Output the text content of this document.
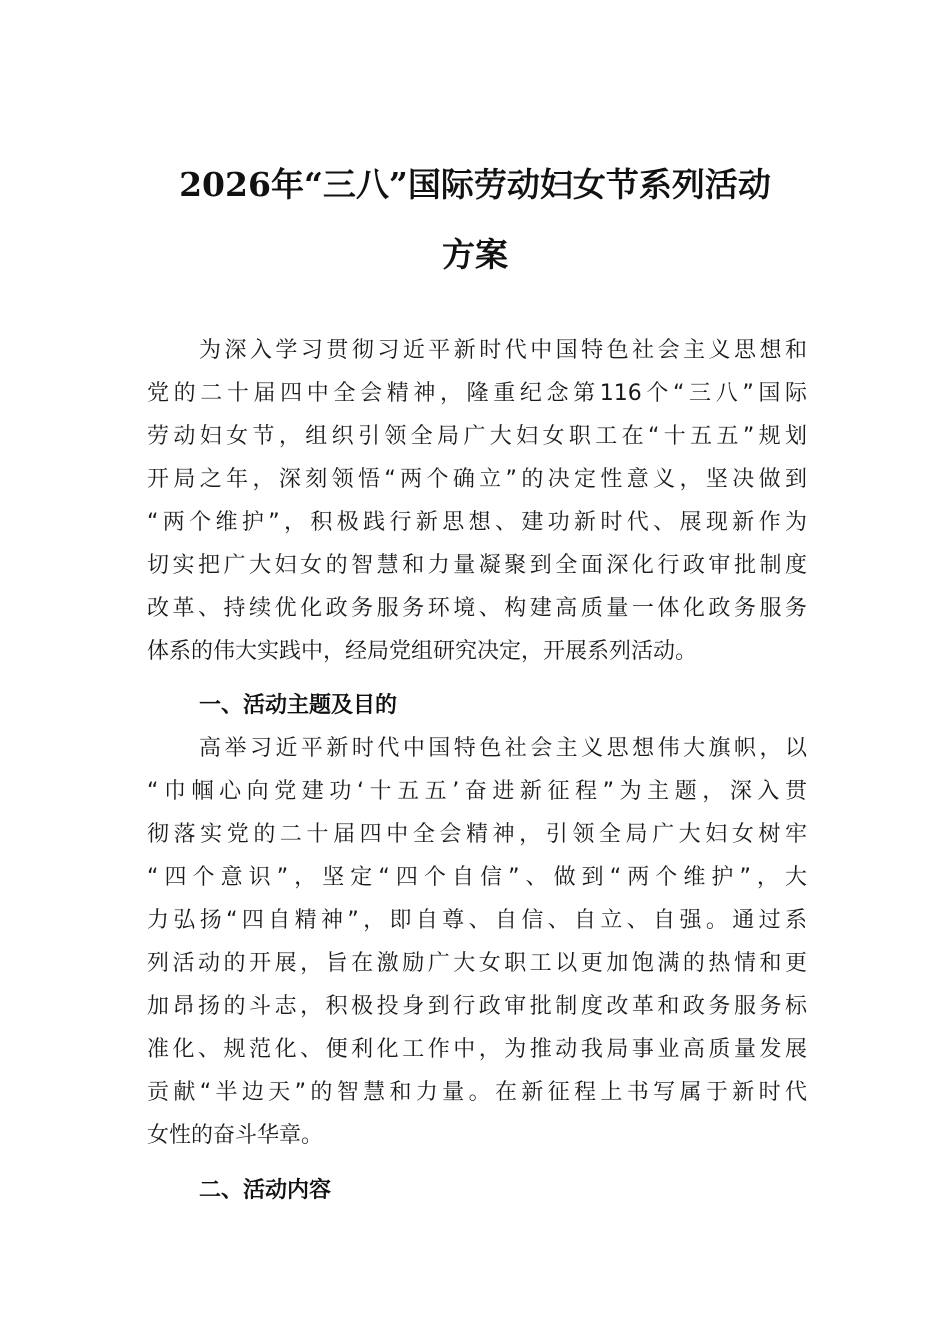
2026年“三八”国际劳动妇女节系列活动
方案
为深入学习贯彻习近平新时代中国特色社会主义思想和
党的二十届四中全会精神，隆重纪念第116个“三八”国际
劳动妇女节，组织引领全局广大妇女职工在“十五五”规划
开局之年，深刻领悟“两个确立”的决定性意义，坚决做到
“两个维护”，积极践行新思想、建功新时代、展现新作为
切实把广大妇女的智慧和力量凝聚到全面深化行政审批制度
改革、持续优化政务服务环境、构建高质量一体化政务服务
体系的伟大实践中，经局党组研究决定，开展系列活动。
一、活动主题及目的
高举习近平新时代中国特色社会主义思想伟大旗帜，以
“巾帼心向党建功‘十五五’奋进新征程”为主题，深入贯
彻落实党的二十届四中全会精神，引领全局广大妇女树牢
“四个意识”，坚定“四个自信”、做到“两个维护”，大
力弘扬“四自精神”，即自尊、自信、自立、自强。通过系
列活动的开展，旨在激励广大女职工以更加饱满的热情和更
加昂扬的斗志，积极投身到行政审批制度改革和政务服务标
准化、规范化、便利化工作中，为推动我局事业高质量发展
贡献“半边天”的智慧和力量。在新征程上书写属于新时代
女性的奋斗华章。
二、活动内容
